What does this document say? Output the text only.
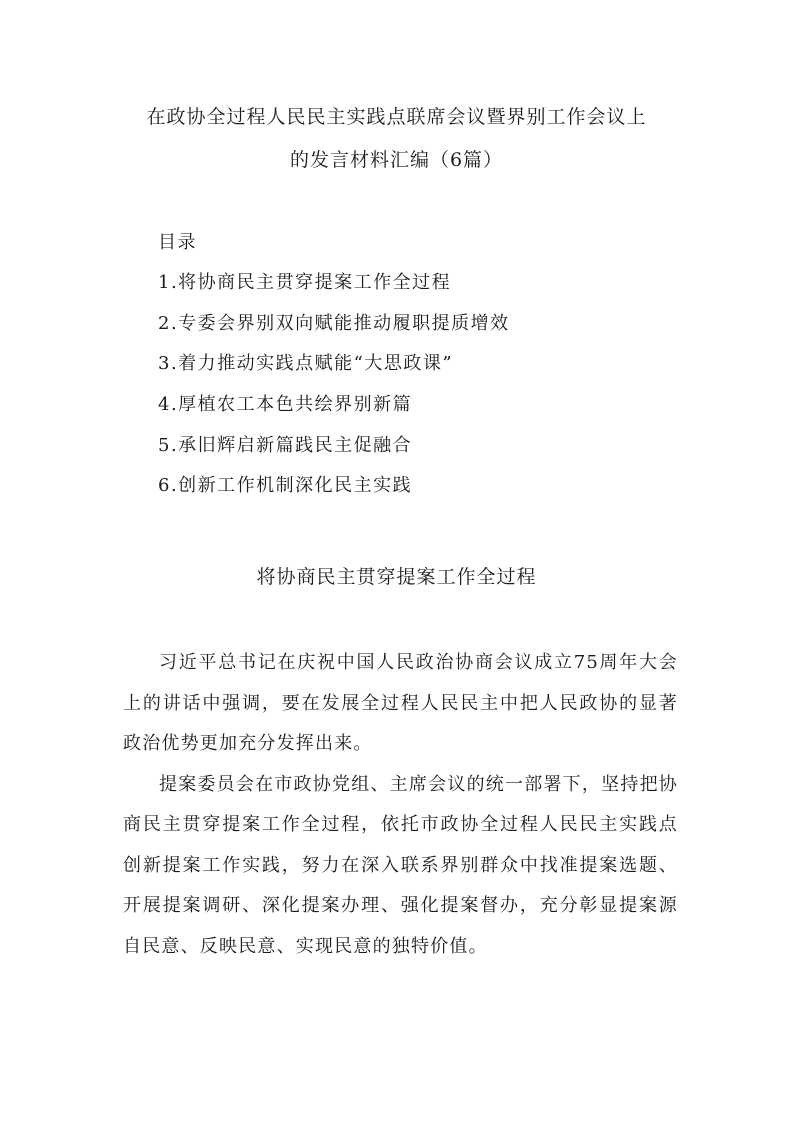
在政协全过程人民民主实践点联席会议暨界别工作会议上
的发言材料汇编（6篇）
目录
1.将协商民主贯穿提案工作全过程
2.专委会界别双向赋能推动履职提质增效
3.着力推动实践点赋能“大思政课”
4.厚植农工本色共绘界别新篇
5.承旧辉启新篇践民主促融合
6.创新工作机制深化民主实践
将协商民主贯穿提案工作全过程

习近平总书记在庆祝中国人民政治协商会议成立75周年大会上的讲话中强调，要在发展全过程人民民主中把人民政协的显著政治优势更加充分发挥出来。

提案委员会在市政协党组、主席会议的统一部署下，坚持把协商民主贯穿提案工作全过程，依托市政协全过程人民民主实践点创新提案工作实践，努力在深入联系界别群众中找准提案选题、开展提案调研、深化提案办理、强化提案督办，充分彰显提案源自民意、反映民意、实现民意的独特价值。
